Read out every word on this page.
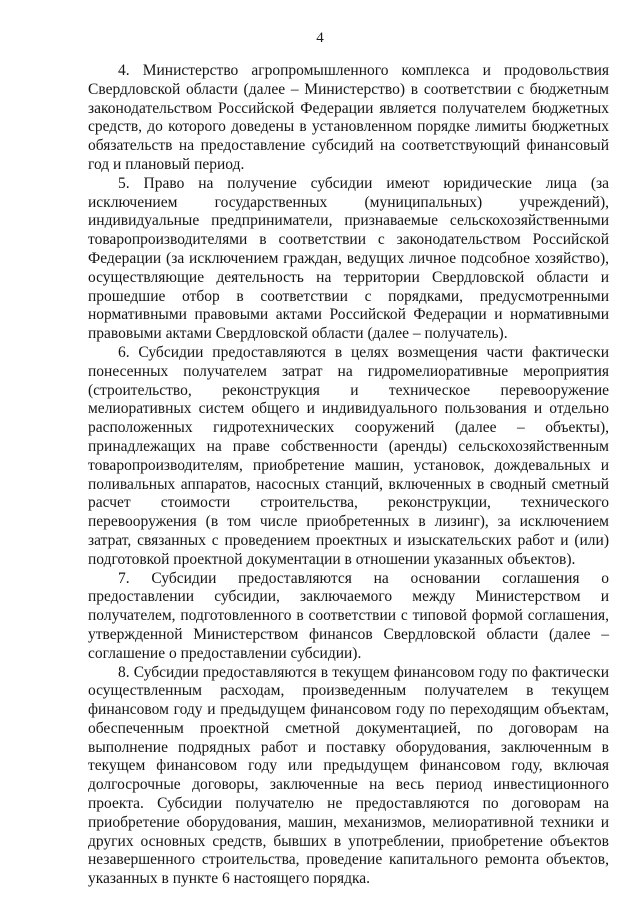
4

4. Министерство агропромышленного комплекса и продовольствия Свердловской области (далее – Министерство) в соответствии с бюджетным законодательством Российской Федерации является получателем бюджетных средств, до которого доведены в установленном порядке лимиты бюджетных обязательств на предоставление субсидий на соответствующий финансовый год и плановый период.

5. Право на получение субсидии имеют юридические лица (за исключением государственных (муниципальных) учреждений), индивидуальные предприниматели, признаваемые сельскохозяйственными товаропроизводителями в соответствии с законодательством Российской Федерации (за исключением граждан, ведущих личное подсобное хозяйство), осуществляющие деятельность на территории Свердловской области и прошедшие отбор в соответствии с порядками, предусмотренными нормативными правовыми актами Российской Федерации и нормативными правовыми актами Свердловской области (далее – получатель).

6. Субсидии предоставляются в целях возмещения части фактически понесенных получателем затрат на гидромелиоративные мероприятия (строительство, реконструкция и техническое перевооружение мелиоративных систем общего и индивидуального пользования и отдельно расположенных гидротехнических сооружений (далее – объекты), принадлежащих на праве собственности (аренды) сельскохозяйственным товаропроизводителям, приобретение машин, установок, дождевальных и поливальных аппаратов, насосных станций, включенных в сводный сметный расчет стоимости строительства, реконструкции, технического перевооружения (в том числе приобретенных в лизинг), за исключением затрат, связанных с проведением проектных и изыскательских работ и (или) подготовкой проектной документации в отношении указанных объектов).

7. Субсидии предоставляются на основании соглашения о предоставлении субсидии, заключаемого между Министерством и получателем, подготовленного в соответствии с типовой формой соглашения, утвержденной Министерством финансов Свердловской области (далее – соглашение о предоставлении субсидии).

8. Субсидии предоставляются в текущем финансовом году по фактически осуществленным расходам, произведенным получателем в текущем финансовом году и предыдущем финансовом году по переходящим объектам, обеспеченным проектной сметной документацией, по договорам на выполнение подрядных работ и поставку оборудования, заключенным в текущем финансовом году или предыдущем финансовом году, включая долгосрочные договоры, заключенные на весь период инвестиционного проекта. Субсидии получателю не предоставляются по договорам на приобретение оборудования, машин, механизмов, мелиоративной техники и других основных средств, бывших в употреблении, приобретение объектов незавершенного строительства, проведение капитального ремонта объектов, указанных в пункте 6 настоящего порядка.
